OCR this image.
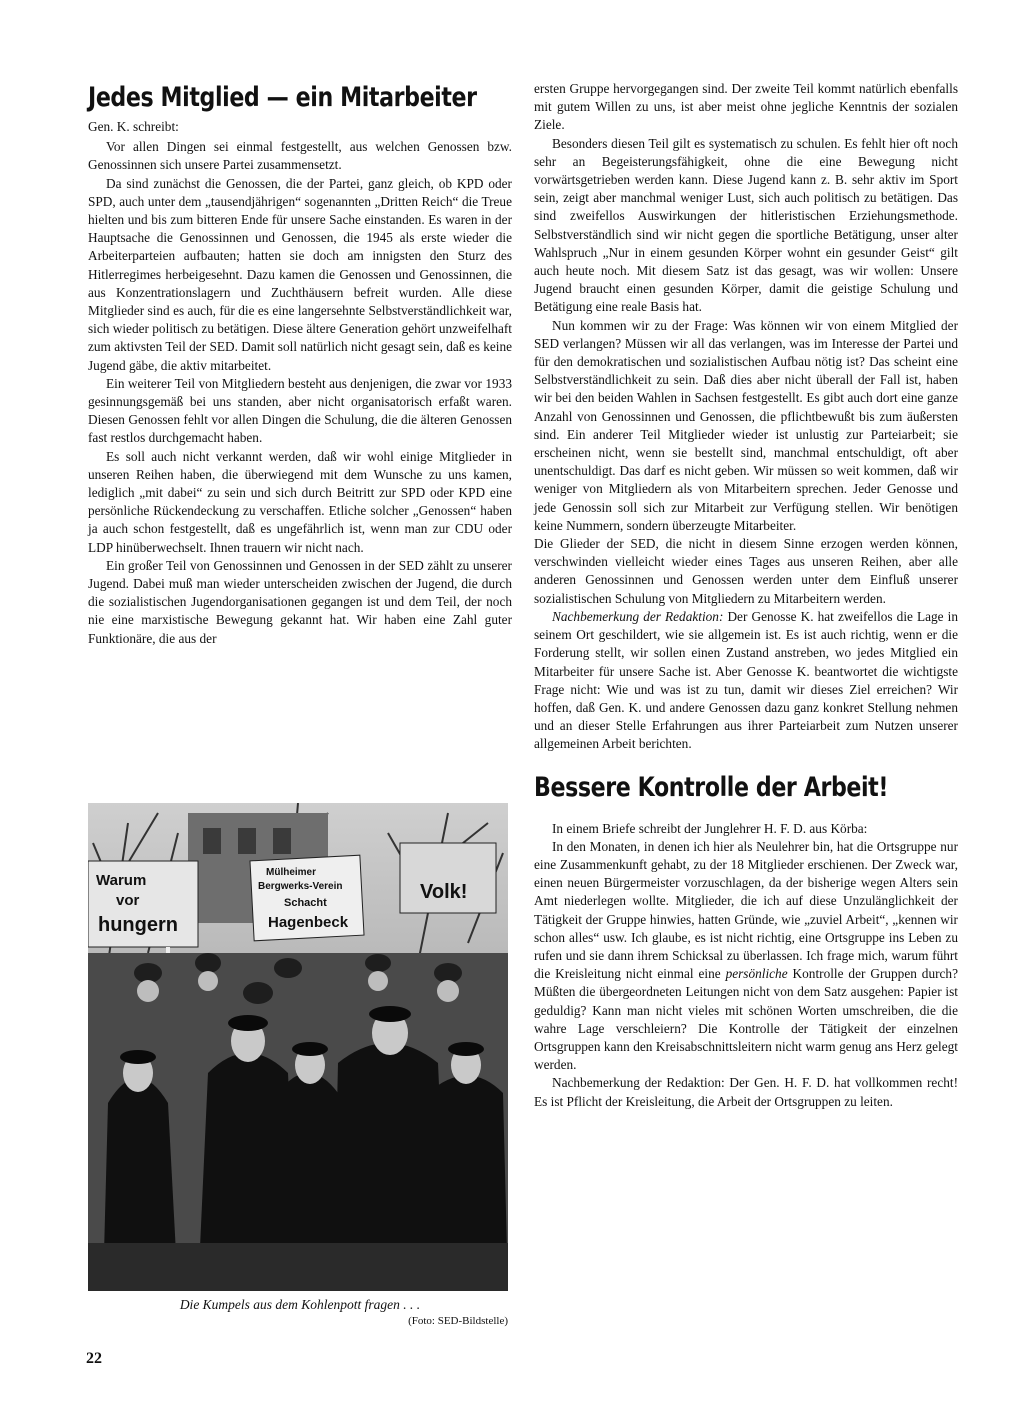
Jedes Mitglied — ein Mitarbeiter

Gen. K. schreibt:

Vor allen Dingen sei einmal festgestellt, aus welchen Genossen bzw. Genossinnen sich unsere Partei zusammensetzt.

Da sind zunächst die Genossen, die der Partei, ganz gleich, ob KPD oder SPD, auch unter dem „tausendjährigen“ sogenannten „Dritten Reich“ die Treue hielten und bis zum bitteren Ende für unsere Sache einstanden. Es waren in der Hauptsache die Genossinnen und Genossen, die 1945 als erste wieder die Arbeiterparteien aufbauten; hatten sie doch am innigsten den Sturz des Hitlerregimes herbeigesehnt. Dazu kamen die Genossen und Genossinnen, die aus Konzentrationslagern und Zuchthäusern befreit wurden. Alle diese Mitglieder sind es auch, für die es eine langersehnte Selbstverständlichkeit war, sich wieder politisch zu betätigen. Diese ältere Generation gehört unzweifelhaft zum aktivsten Teil der SED. Damit soll natürlich nicht gesagt sein, daß es keine Jugend gäbe, die aktiv mitarbeitet.

Ein weiterer Teil von Mitgliedern besteht aus denjenigen, die zwar vor 1933 gesinnungsgemäß bei uns standen, aber nicht organisatorisch erfaßt waren. Diesen Genossen fehlt vor allen Dingen die Schulung, die die älteren Genossen fast restlos durchgemacht haben.

Es soll auch nicht verkannt werden, daß wir wohl einige Mitglieder in unseren Reihen haben, die überwiegend mit dem Wunsche zu uns kamen, lediglich „mit dabei“ zu sein und sich durch Beitritt zur SPD oder KPD eine persönliche Rückendeckung zu verschaffen. Etliche solcher „Genossen“ haben ja auch schon festgestellt, daß es ungefährlich ist, wenn man zur CDU oder LDP hinüberwechselt. Ihnen trauern wir nicht nach.

Ein großer Teil von Genossinnen und Genossen in der SED zählt zu unserer Jugend. Dabei muß man wieder unterscheiden zwischen der Jugend, die durch die sozialistischen Jugendorganisationen gegangen ist und dem Teil, der noch nie eine marxistische Bewegung gekannt hat. Wir haben eine Zahl guter Funktionäre, die aus der

Warum
vor
hungern
Mülheimer
Bergwerks-Verein
Schacht
Hagenbeck
Volk!
Die Kumpels aus dem Kohlenpott fragen . . .
(Foto: SED-Bildstelle)

ersten Gruppe hervorgegangen sind. Der zweite Teil kommt natürlich ebenfalls mit gutem Willen zu uns, ist aber meist ohne jegliche Kenntnis der sozialen Ziele.

Besonders diesen Teil gilt es systematisch zu schulen. Es fehlt hier oft noch sehr an Begeisterungsfähigkeit, ohne die eine Bewegung nicht vorwärtsgetrieben werden kann. Diese Jugend kann z. B. sehr aktiv im Sport sein, zeigt aber manchmal weniger Lust, sich auch politisch zu betätigen. Das sind zweifellos Auswirkungen der hitleristischen Erziehungsmethode. Selbstverständlich sind wir nicht gegen die sportliche Betätigung, unser alter Wahlspruch „Nur in einem gesunden Körper wohnt ein gesunder Geist“ gilt auch heute noch. Mit diesem Satz ist das gesagt, was wir wollen: Unsere Jugend braucht einen gesunden Körper, damit die geistige Schulung und Betätigung eine reale Basis hat.

Nun kommen wir zu der Frage: Was können wir von einem Mitglied der SED verlangen? Müssen wir all das verlangen, was im Interesse der Partei und für den demokratischen und sozialistischen Aufbau nötig ist? Das scheint eine Selbstverständlichkeit zu sein. Daß dies aber nicht überall der Fall ist, haben wir bei den beiden Wahlen in Sachsen festgestellt. Es gibt auch dort eine ganze Anzahl von Genossinnen und Genossen, die pflichtbewußt bis zum äußersten sind. Ein anderer Teil Mitglieder wieder ist unlustig zur Parteiarbeit; sie erscheinen nicht, wenn sie bestellt sind, manchmal entschuldigt, oft aber unentschuldigt. Das darf es nicht geben. Wir müssen so weit kommen, daß wir weniger von Mitgliedern als von Mitarbeitern sprechen. Jeder Genosse und jede Genossin soll sich zur Mitarbeit zur Verfügung stellen. Wir benötigen keine Nummern, sondern überzeugte Mitarbeiter.

Die Glieder der SED, die nicht in diesem Sinne erzogen werden können, verschwinden vielleicht wieder eines Tages aus unseren Reihen, aber alle anderen Genossinnen und Genossen werden unter dem Einfluß unserer sozialistischen Schulung von Mitgliedern zu Mitarbeitern werden.

Nachbemerkung der Redaktion: Der Genosse K. hat zweifellos die Lage in seinem Ort geschildert, wie sie allgemein ist. Es ist auch richtig, wenn er die Forderung stellt, wir sollen einen Zustand anstreben, wo jedes Mitglied ein Mitarbeiter für unsere Sache ist. Aber Genosse K. beantwortet die wichtigste Frage nicht: Wie und was ist zu tun, damit wir dieses Ziel erreichen? Wir hoffen, daß Gen. K. und andere Genossen dazu ganz konkret Stellung nehmen und an dieser Stelle Erfahrungen aus ihrer Parteiarbeit zum Nutzen unserer allgemeinen Arbeit berichten.

Bessere Kontrolle der Arbeit!

In einem Briefe schreibt der Junglehrer H. F. D. aus Körba:

In den Monaten, in denen ich hier als Neulehrer bin, hat die Ortsgruppe nur eine Zusammenkunft gehabt, zu der 18 Mitglieder erschienen. Der Zweck war, einen neuen Bürgermeister vorzuschlagen, da der bisherige wegen Alters sein Amt niederlegen wollte. Mitglieder, die ich auf diese Unzulänglichkeit der Tätigkeit der Gruppe hinwies, hatten Gründe, wie „zuviel Arbeit“, „kennen wir schon alles“ usw. Ich glaube, es ist nicht richtig, eine Ortsgruppe ins Leben zu rufen und sie dann ihrem Schicksal zu überlassen. Ich frage mich, warum führt die Kreisleitung nicht einmal eine persönliche Kontrolle der Gruppen durch? Müßten die übergeordneten Leitungen nicht von dem Satz ausgehen: Papier ist geduldig? Kann man nicht vieles mit schönen Worten umschreiben, die die wahre Lage verschleiern? Die Kontrolle der Tätigkeit der einzelnen Ortsgruppen kann den Kreisabschnittsleitern nicht warm genug ans Herz gelegt werden.

Nachbemerkung der Redaktion: Der Gen. H. F. D. hat vollkommen recht! Es ist Pflicht der Kreisleitung, die Arbeit der Ortsgruppen zu leiten.

22
